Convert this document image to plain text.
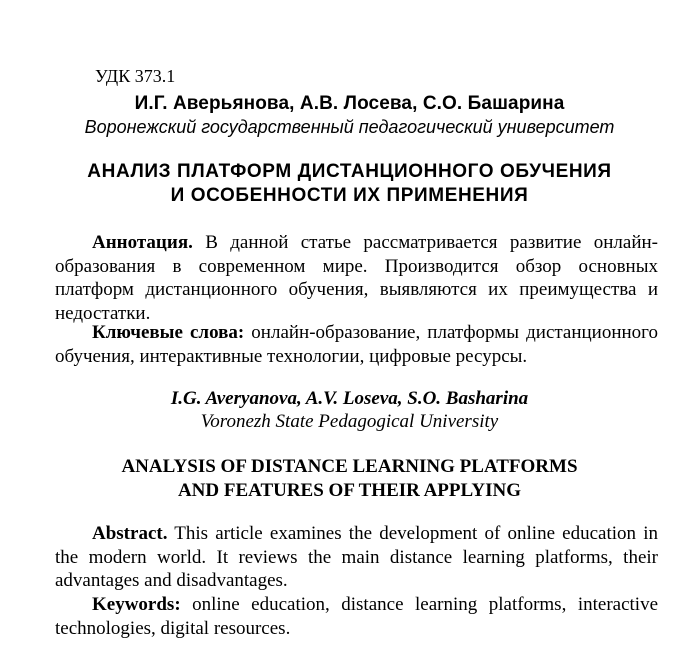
УДК 373.1
И.Г. Аверьянова, А.В. Лосева, С.О. Башарина
Воронежский государственный педагогический университет
АНАЛИЗ ПЛАТФОРМ ДИСТАНЦИОННОГО ОБУЧЕНИЯ
И ОСОБЕННОСТИ ИХ ПРИМЕНЕНИЯ
Аннотация. В данной статье рассматривается развитие онлайн-образования в современном мире. Производится обзор основных платформ дистанционного обучения, выявляются их преимущества и недостатки.
Ключевые слова: онлайн-образование, платформы дистанционного обучения, интерактивные технологии, цифровые ресурсы.
I.G. Averyanova, A.V. Loseva, S.O. Basharina
Voronezh State Pedagogical University
ANALYSIS OF DISTANCE LEARNING PLATFORMS
AND FEATURES OF THEIR APPLYING
Abstract. This article examines the development of online education in the modern world. It reviews the main distance learning platforms, their advantages and disadvantages.
Keywords: online education, distance learning platforms, interactive technologies, digital resources.
